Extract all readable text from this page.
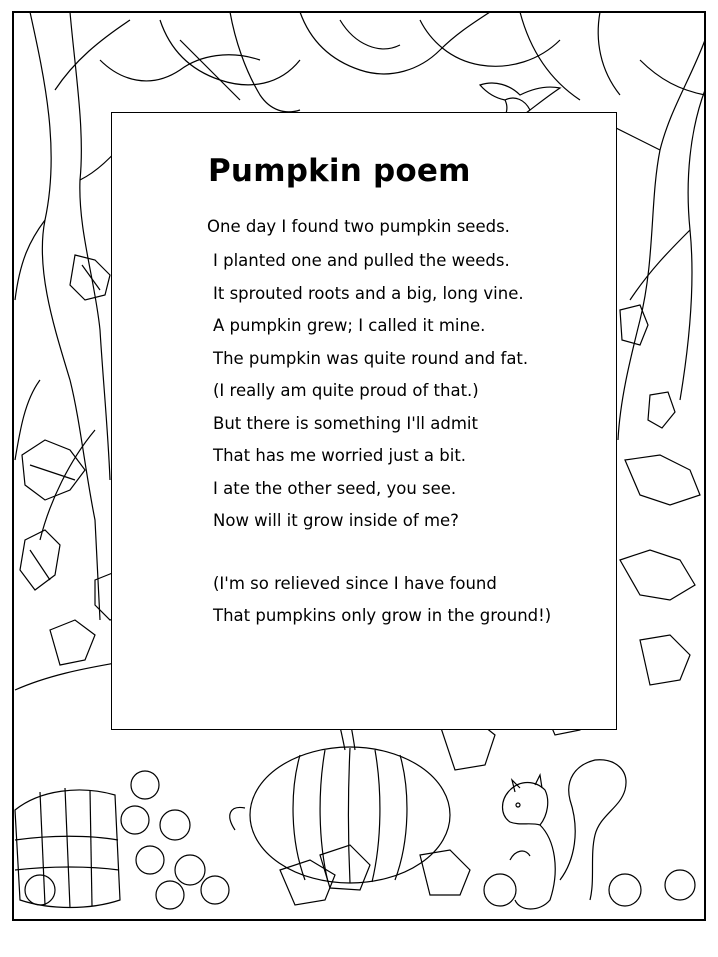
Pumpkin poem
One day I found two pumpkin seeds.
I planted one and pulled the weeds.
It sprouted roots and a big, long vine.
A pumpkin grew; I called it mine.
The pumpkin was quite round and fat.
(I really am quite proud of that.)
But there is something I'll admit
That has me worried just a bit.
I ate the other seed, you see.
Now will it grow inside of me?
(I'm so relieved since I have found
That pumpkins only grow in the ground!)
